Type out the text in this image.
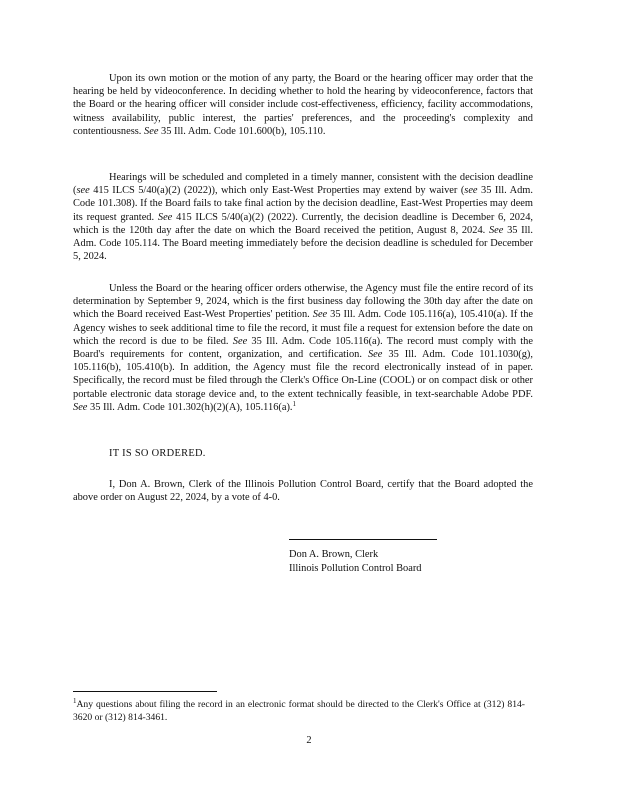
Upon its own motion or the motion of any party, the Board or the hearing officer may order that the hearing be held by videoconference. In deciding whether to hold the hearing by videoconference, factors that the Board or the hearing officer will consider include cost-effectiveness, efficiency, facility accommodations, witness availability, public interest, the parties' preferences, and the proceeding's complexity and contentiousness. See 35 Ill. Adm. Code 101.600(b), 105.110.

Hearings will be scheduled and completed in a timely manner, consistent with the decision deadline (see 415 ILCS 5/40(a)(2) (2022)), which only East-West Properties may extend by waiver (see 35 Ill. Adm. Code 101.308). If the Board fails to take final action by the decision deadline, East-West Properties may deem its request granted. See 415 ILCS 5/40(a)(2) (2022). Currently, the decision deadline is December 6, 2024, which is the 120th day after the date on which the Board received the petition, August 8, 2024. See 35 Ill. Adm. Code 105.114. The Board meeting immediately before the decision deadline is scheduled for December 5, 2024.

Unless the Board or the hearing officer orders otherwise, the Agency must file the entire record of its determination by September 9, 2024, which is the first business day following the 30th day after the date on which the Board received East-West Properties' petition. See 35 Ill. Adm. Code 105.116(a), 105.410(a). If the Agency wishes to seek additional time to file the record, it must file a request for extension before the date on which the record is due to be filed. See 35 Ill. Adm. Code 105.116(a). The record must comply with the Board's requirements for content, organization, and certification. See 35 Ill. Adm. Code 101.1030(g), 105.116(b), 105.410(b). In addition, the Agency must file the record electronically instead of in paper. Specifically, the record must be filed through the Clerk's Office On-Line (COOL) or on compact disk or other portable electronic data storage device and, to the extent technically feasible, in text-searchable Adobe PDF. See 35 Ill. Adm. Code 101.302(h)(2)(A), 105.116(a).$^1$

IT IS SO ORDERED.

I, Don A. Brown, Clerk of the Illinois Pollution Control Board, certify that the Board adopted the above order on August 22, 2024, by a vote of 4-0.

Don A. Brown, Clerk
Illinois Pollution Control Board

$^1$Any questions about filing the record in an electronic format should be directed to the Clerk's Office at (312) 814-3620 or (312) 814-3461.

2
